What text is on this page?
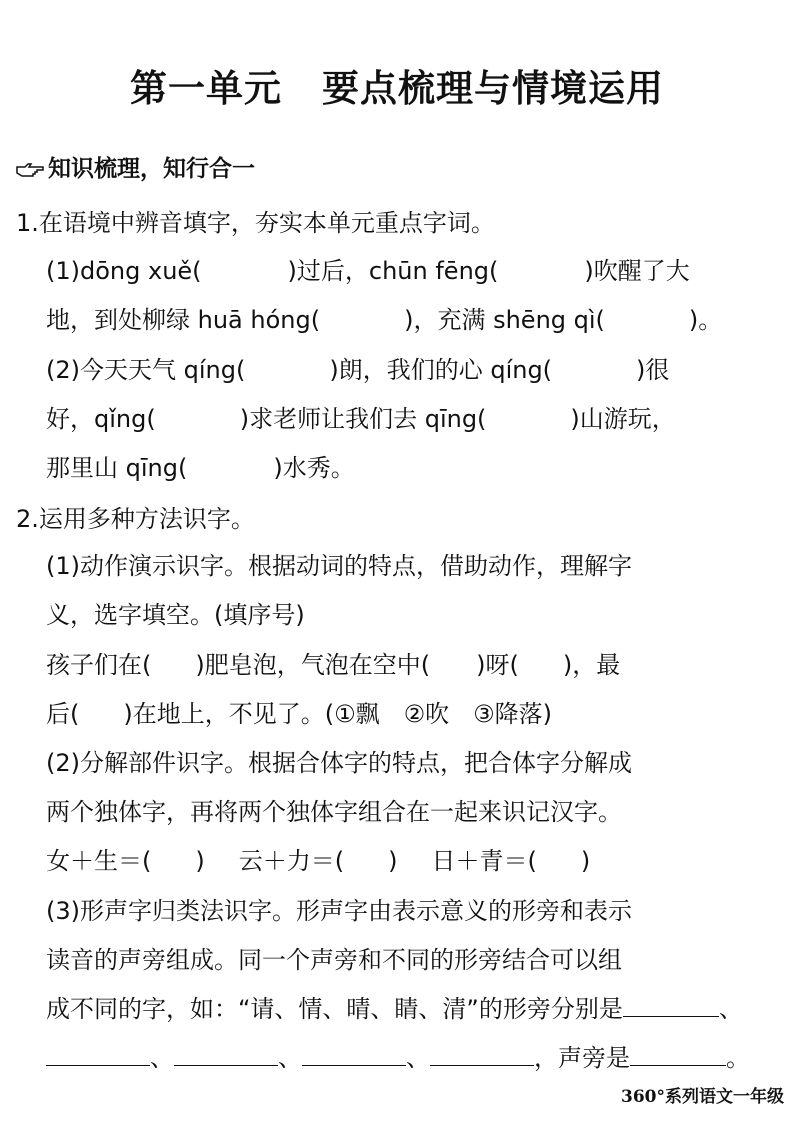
第一单元 要点梳理与情境运用
知识梳理，知行合一
1.在语境中辨音填字，夯实本单元重点字词。
(1)dōng xuě(	)过后，chūn fēng(	)吹醒了大
地，到处柳绿 huā hóng(	)，充满 shēng qì(	)。
(2)今天天气 qíng(	)朗，我们的心 qíng(	)很
好，qǐng(	)求老师让我们去 qīng(	)山游玩，
那里山 qīng(	)水秀。
2.运用多种方法识字。
(1)动作演示识字。根据动词的特点，借助动作，理解字
义，选字填空。(填序号)
孩子们在( )肥皂泡，气泡在空中( )呀( )，最
后( )在地上，不见了。(①飘　②吹　③降落)
(2)分解部件识字。根据合体字的特点，把合体字分解成
两个独体字，再将两个独体字组合在一起来识记汉字。
女＋生＝( ) 云＋力＝( ) 日＋青＝( )
(3)形声字归类法识字。形声字由表示意义的形旁和表示
读音的声旁组成。同一个声旁和不同的形旁结合可以组
成不同的字，如：“请、情、晴、睛、清”的形旁分别是	、
、	、	、	，声旁是	。
360°系列语文一年级
